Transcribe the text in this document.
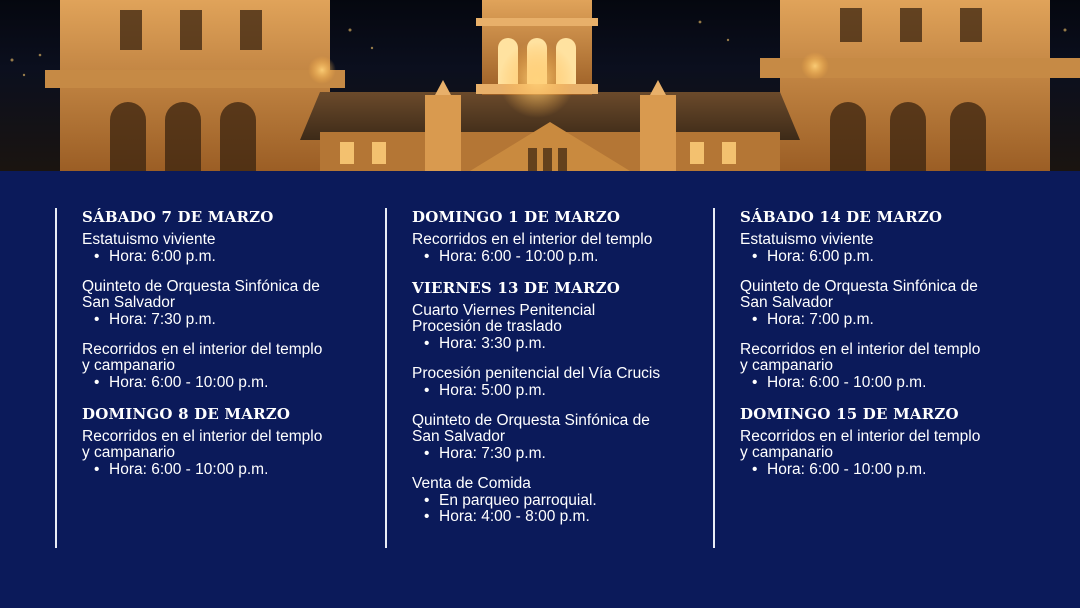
SÁBADO 7 DE MARZO
Estatuismo viviente
• Hora: 6:00 p.m.
Quinteto de Orquesta Sinfónica de
San Salvador
• Hora: 7:30 p.m.
Recorridos en el interior del templo
y campanario
• Hora: 6:00 - 10:00 p.m.
DOMINGO 8 DE MARZO
Recorridos en el interior del templo
y campanario
• Hora: 6:00 - 10:00 p.m.
DOMINGO 1 DE MARZO
Recorridos en el interior del templo
• Hora: 6:00 - 10:00 p.m.
VIERNES 13 DE MARZO
Cuarto Viernes Penitencial
Procesión de traslado
• Hora: 3:30 p.m.
Procesión penitencial del Vía Crucis
• Hora: 5:00 p.m.
Quinteto de Orquesta Sinfónica de
San Salvador
• Hora: 7:30 p.m.
Venta de Comida
• En parqueo parroquial.
• Hora: 4:00 - 8:00 p.m.
SÁBADO 14 DE MARZO
Estatuismo viviente
• Hora: 6:00 p.m.
Quinteto de Orquesta Sinfónica de
San Salvador
• Hora: 7:00 p.m.
Recorridos en el interior del templo
y campanario
• Hora: 6:00 - 10:00 p.m.
DOMINGO 15 DE MARZO
Recorridos en el interior del templo
y campanario
• Hora: 6:00 - 10:00 p.m.
